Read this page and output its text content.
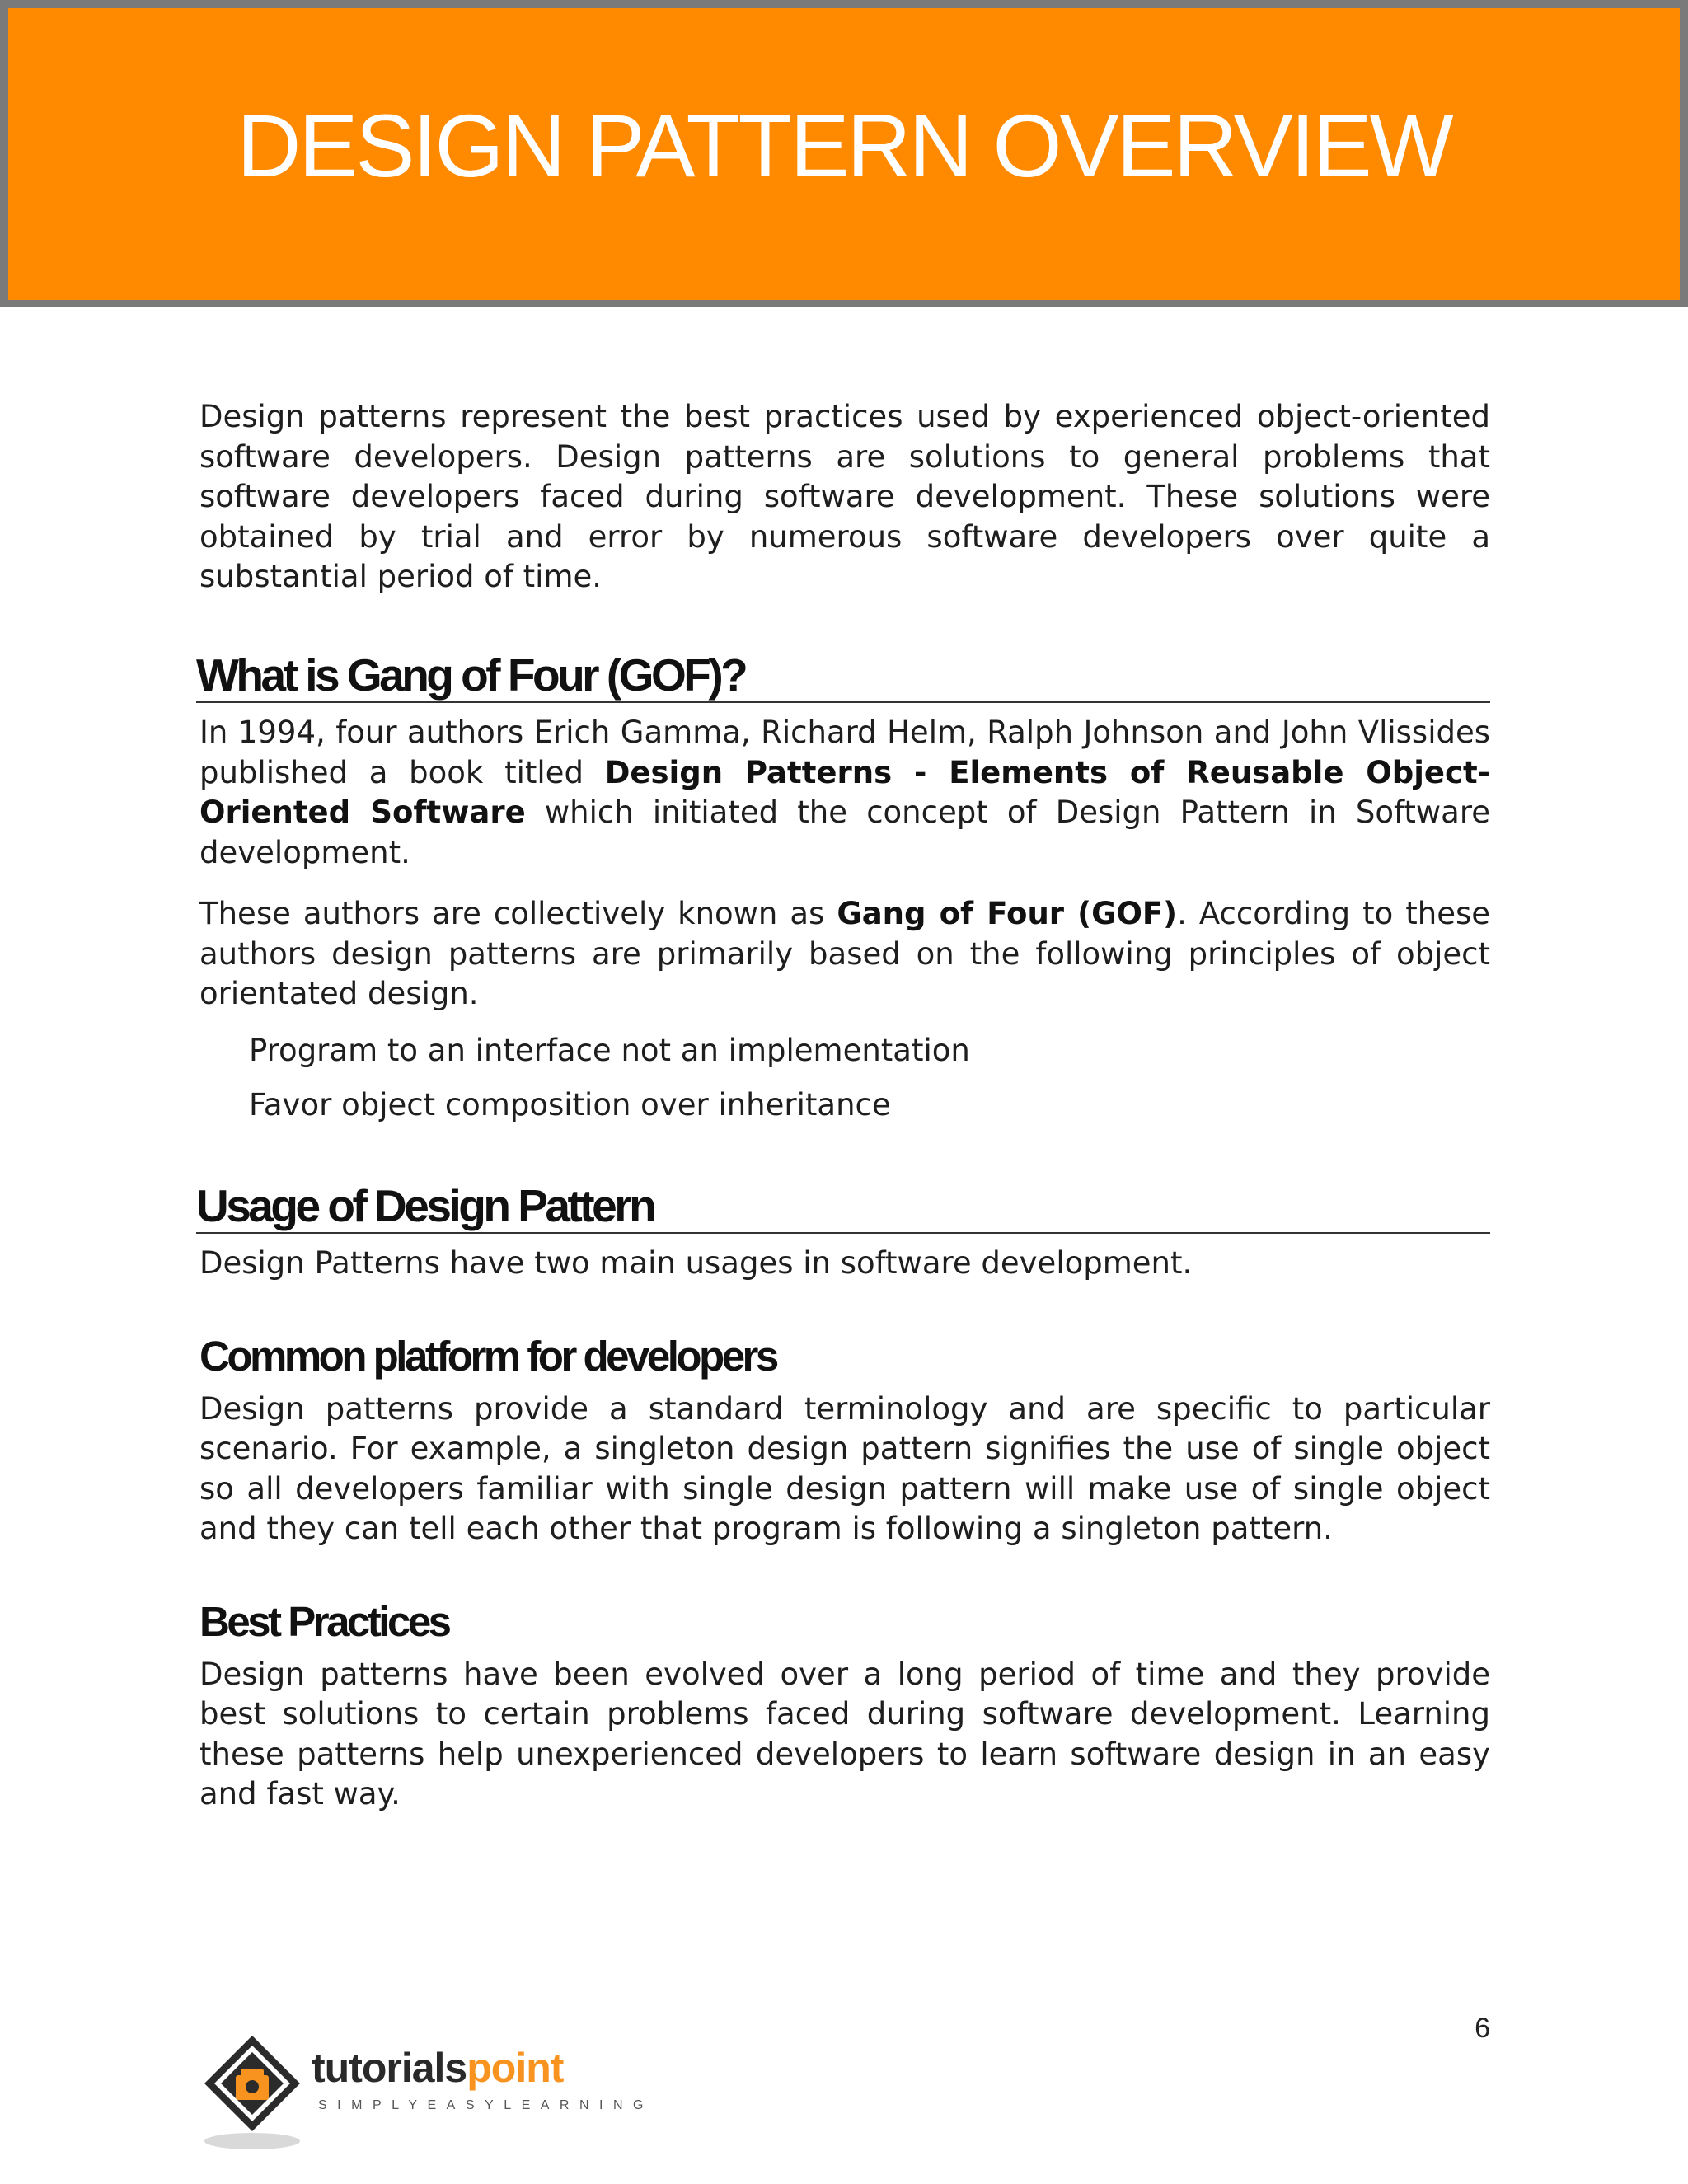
DESIGN PATTERN OVERVIEW

Design patterns represent the best practices used by experienced object-oriented software developers. Design patterns are solutions to general problems that software developers faced during software development. These solutions were obtained by trial and error by numerous software developers over quite a substantial period of time.

What is Gang of Four (GOF)?

In 1994, four authors Erich Gamma, Richard Helm, Ralph Johnson and John Vlissides published a book titled Design Patterns - Elements of Reusable Object-Oriented Software which initiated the concept of Design Pattern in Software development.

These authors are collectively known as Gang of Four (GOF). According to these authors design patterns are primarily based on the following principles of object orientated design.

Program to an interface not an implementation
Favor object composition over inheritance
Usage of Design Pattern

Design Patterns have two main usages in software development.

Common platform for developers

Design patterns provide a standard terminology and are specific to particular scenario. For example, a singleton design pattern signifies the use of single object so all developers familiar with single design pattern will make use of single object and they can tell each other that program is following a singleton pattern.

Best Practices

Design patterns have been evolved over a long period of time and they provide best solutions to certain problems faced during software development. Learning these patterns help unexperienced developers to learn software design in an easy and fast way.

6
tutorialspoint
SIMPLYEASYLEARNING
